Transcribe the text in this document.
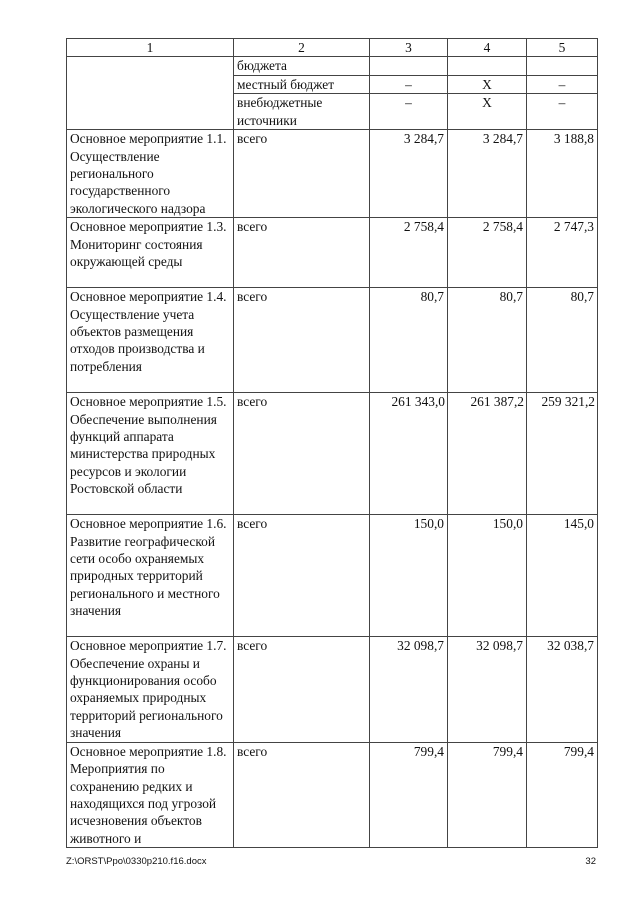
1	2	3	4	5
	бюджета			
	местный бюджет	–	Х	–
	внебюджетные источники	–	Х	–
Основное мероприятие 1.1. Осуществление регионального государственного экологического надзора	всего	3 284,7	3 284,7	3 188,8
Основное мероприятие 1.3. Мониторинг состояния окружающей среды	всего	2 758,4	2 758,4	2 747,3
Основное мероприятие 1.4. Осуществление учета объектов размещения отходов производства и потребления	всего	80,7	80,7	80,7
Основное мероприятие 1.5. Обеспечение выполнения функций аппарата министерства природных ресурсов и экологии Ростовской области	всего	261 343,0	261 387,2	259 321,2
Основное мероприятие 1.6. Развитие географической сети особо охраняемых природных территорий регионального и местного значения	всего	150,0	150,0	145,0
Основное мероприятие 1.7. Обеспечение охраны и функционирования особо охраняемых природных территорий регионального значения	всего	32 098,7	32 098,7	32 038,7
Основное мероприятие 1.8. Мероприятия по сохранению редких и находящихся под угрозой исчезновения объектов животного и	всего	799,4	799,4	799,4
Z:\ORST\Ppo\0330p210.f16.docx	32
